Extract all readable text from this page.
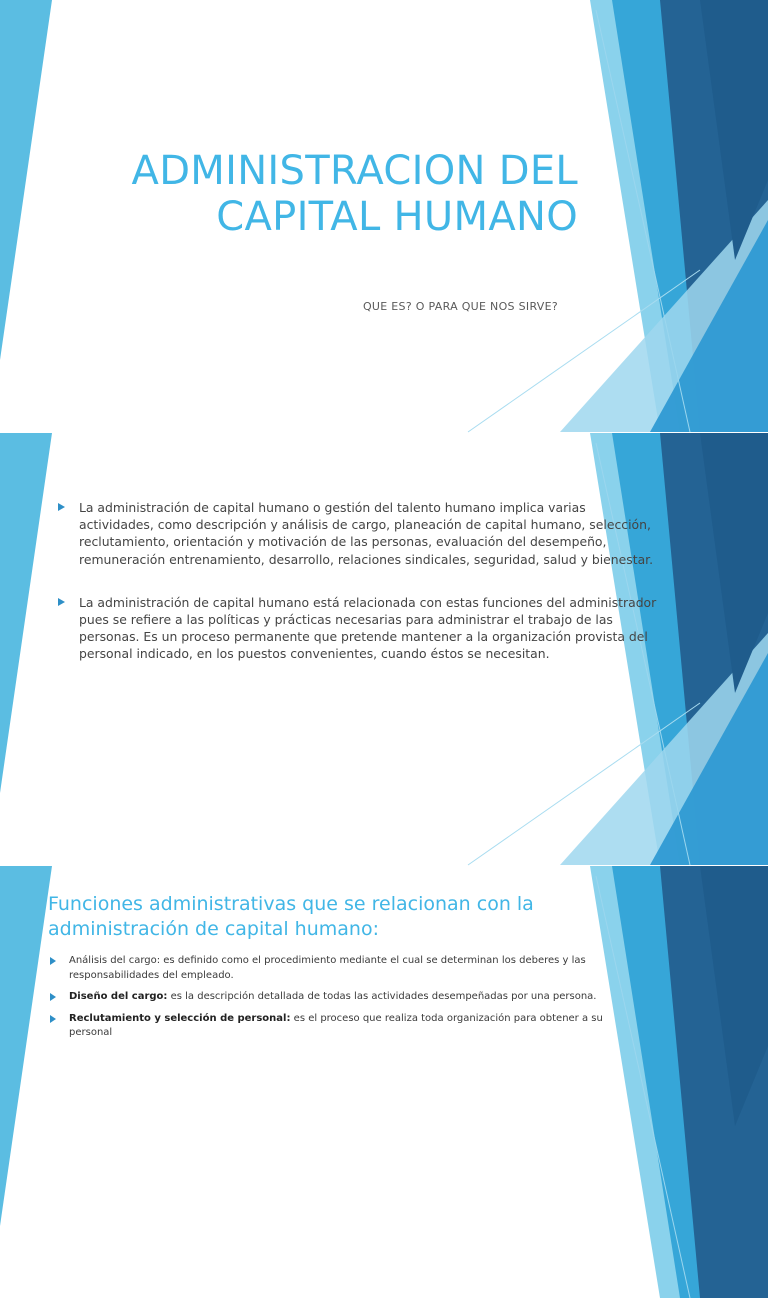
ADMINISTRACION DEL
CAPITAL HUMANO
QUE ES? O PARA QUE NOS SIRVE?
La administración de capital humano o gestión del talento humano implica varias actividades, como descripción y análisis de cargo, planeación de capital humano, selección, reclutamiento, orientación y motivación de las personas, evaluación del desempeño, remuneración entrenamiento, desarrollo, relaciones sindicales, seguridad, salud y bienestar.
La administración de capital humano está relacionada con estas funciones del administrador pues se refiere a las políticas y prácticas necesarias para administrar el trabajo de las personas. Es un proceso permanente que pretende mantener a la organización provista del personal indicado, en los puestos convenientes, cuando éstos se necesitan.
Funciones administrativas que se relacionan con la administración de capital humano:
Análisis del cargo: es definido como el procedimiento mediante el cual se determinan los deberes y las responsabilidades del empleado.
Diseño del cargo: es la descripción detallada de todas las actividades desempeñadas por una persona.
Reclutamiento y selección de personal: es el proceso que realiza toda organización para obtener a su personal
